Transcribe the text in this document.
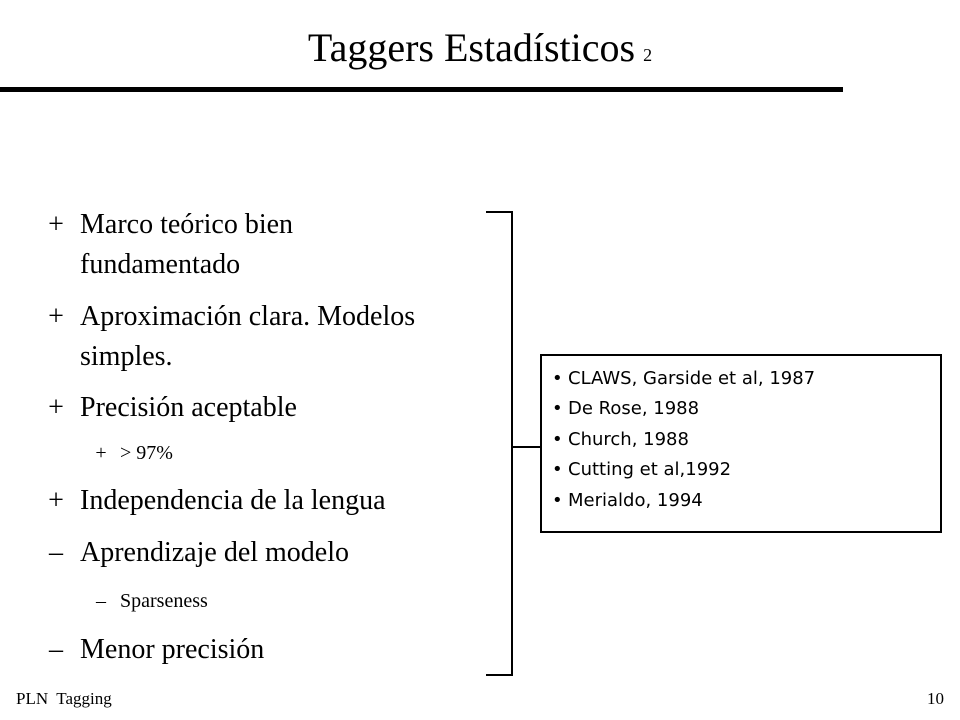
Taggers Estadísticos 2
+ Marco teórico bien
fundamentado
+ Aproximación clara. Modelos
simples.
+ Precisión aceptable
+ > 97%
+ Independencia de la lengua
– Aprendizaje del modelo
– Sparseness
– Menor precisión
• CLAWS, Garside et al, 1987
• De Rose, 1988
• Church, 1988
• Cutting et al,1992
• Merialdo, 1994
PLN  Tagging	10
